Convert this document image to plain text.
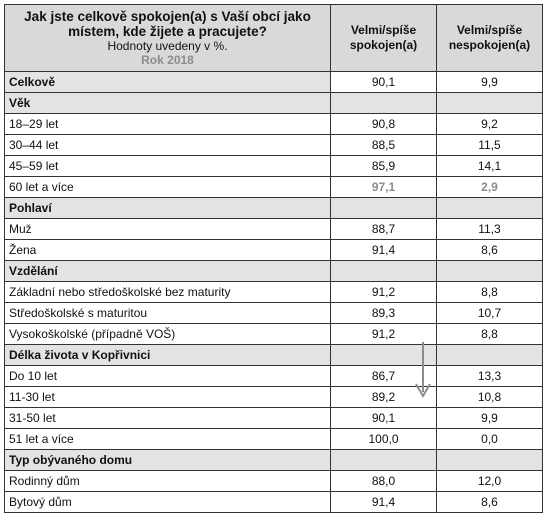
Jak jste celkově spokojen(a) s Vaší obcí jako místem, kde žijete a pracujete?
Hodnoty uvedeny v %.
Rok 2018	Velmi/spíše spokojen(a)	Velmi/spíše nespokojen(a)
Celkově	90,1	9,9
Věk		
18–29 let	90,8	9,2
30–44 let	88,5	11,5
45–59 let	85,9	14,1
60 let a více	97,1	2,9
Pohlaví		
Muž	88,7	11,3
Žena	91,4	8,6
Vzdělání		
Základní nebo středoškolské bez maturity	91,2	8,8
Středoškolské s maturitou	89,3	10,7
Vysokoškolské (případně VOŠ)	91,2	8,8
Délka života v Kopřivnici		
Do 10 let	86,7	13,3
11-30 let	89,2	10,8
31-50 let	90,1	9,9
51 let a více	100,0	0,0
Typ obývaného domu		
Rodinný dům	88,0	12,0
Bytový dům	91,4	8,6
